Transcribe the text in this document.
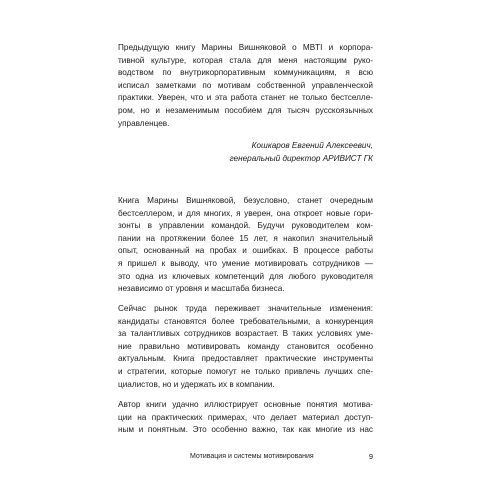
Предыдущую книгу Марины Вишняковой о MBTI и корпора-
тивной культуре, которая стала для меня настоящим руко-
водством по внутрикорпоративным коммуникациям, я всю
исписал заметками по мотивам собственной управленческой
практики. Уверен, что и эта работа станет не только бестселле-
ром, но и незаменимым пособием для тысяч русскоязычных
управленцев.
Кошкаров Евгений Алексеевич,
генеральный директор АРИВИСТ ГК
Книга Марины Вишняковой, безусловно, станет очередным
бестселлером, и для многих, я уверен, она откроет новые гори-
зонты в управлении командой. Будучи руководителем ком-
пании на протяжении более 15 лет, я накопил значительный
опыт, основанный на пробах и ошибках. В процессе работы
я пришел к выводу, что умение мотивировать сотрудников —
это одна из ключевых компетенций для любого руководителя
независимо от уровня и масштаба бизнеса.
Сейчас рынок труда переживает значительные изменения:
кандидаты становятся более требовательными, а конкуренция
за талантливых сотрудников возрастает. В таких условиях уме-
ние правильно мотивировать команду становится особенно
актуальным. Книга предоставляет практические инструменты
и стратегии, которые помогут не только привлечь лучших спе-
циалистов, но и удержать их в компании.
Автор книги удачно иллюстрирует основные понятия мотива-
ции на практических примерах, что делает материал доступ-
ным и понятным. Это особенно важно, так как многие из нас
Мотивация и системы мотивирования	9
